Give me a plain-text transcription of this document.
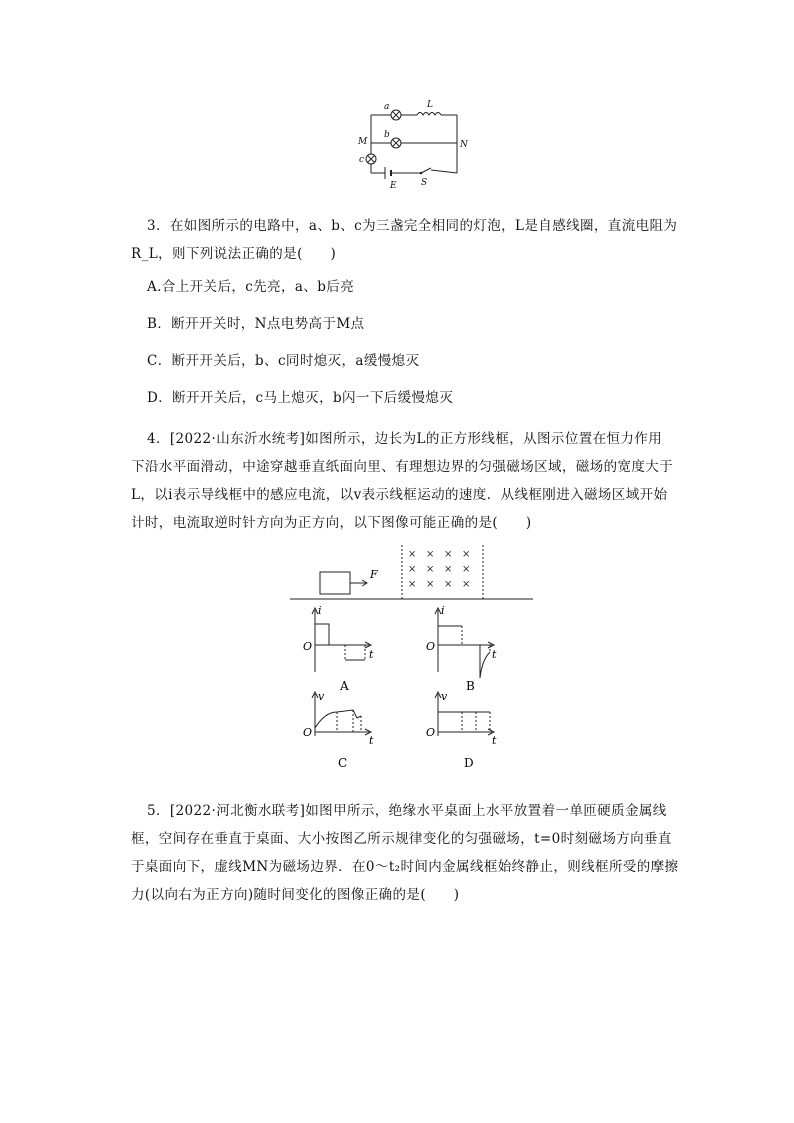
a	L
M
b
N
c
E	S
3．在如图所示的电路中，a、b、c为三盏完全相同的灯泡，L是自感线圈，直流电阻为
R_L，则下列说法正确的是(　　)
A.合上开关后，c先亮，a、b后亮
B．断开开关时，N点电势高于M点
C．断开开关后，b、c同时熄灭，a缓慢熄灭
D．断开开关后，c马上熄灭，b闪一下后缓慢熄灭
4．[2022·山东沂水统考]如图所示，边长为L的正方形线框，从图示位置在恒力作用
下沿水平面滑动，中途穿越垂直纸面向里、有理想边界的匀强磁场区域，磁场的宽度大于
L，以i表示导线框中的感应电流，以v表示线框运动的速度．从线框刚进入磁场区域开始
计时，电流取逆时针方向为正方向，以下图像可能正确的是(　　)
F
× × × ×
× × × ×
× × × ×
i
O
t
A
i
O
t
B
v
O
t
C
v
O
t
D
5．[2022·河北衡水联考]如图甲所示，绝缘水平桌面上水平放置着一单匝硬质金属线
框，空间存在垂直于桌面、大小按图乙所示规律变化的匀强磁场，t=0时刻磁场方向垂直
于桌面向下，虚线MN为磁场边界．在0～t₂时间内金属线框始终静止，则线框所受的摩擦
力(以向右为正方向)随时间变化的图像正确的是(　　)
